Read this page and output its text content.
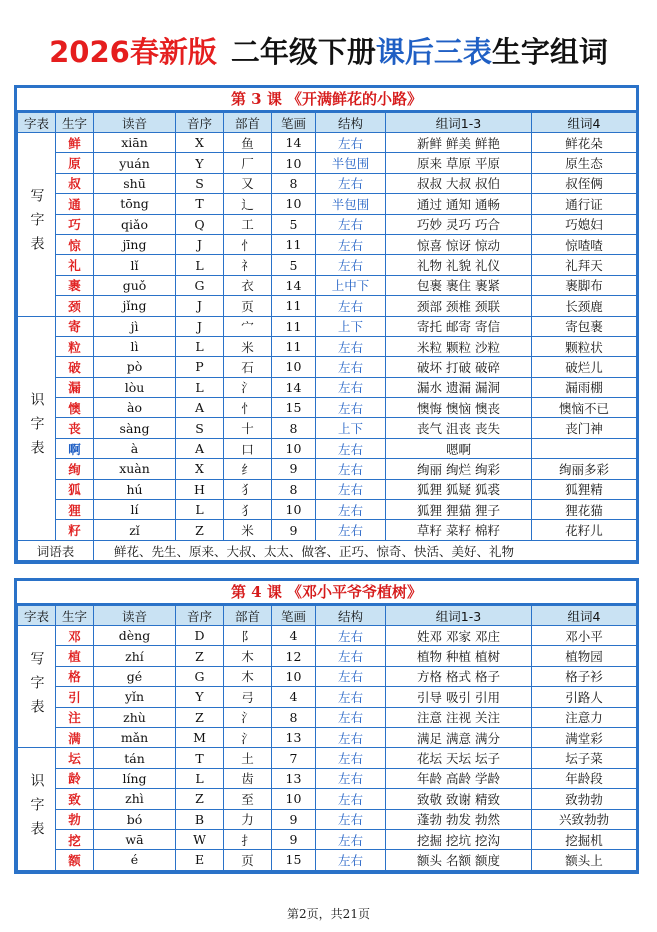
2026春新版 二年级下册课后三表生字组词
第 3 课 《开满鲜花的小路》
字表	生字	读音	音序	部首	笔画	结构	组词1-3	组词4
写字表	鲜	xiān	X	鱼	14	左右	新鲜 鲜美 鲜艳	鲜花朵
	原	yuán	Y	厂	10	半包围	原来 草原 平原	原生态
	叔	shū	S	又	8	左右	叔叔 大叔 叔伯	叔侄俩
	通	tōng	T	辶	10	半包围	通过 通知 通畅	通行证
	巧	qiǎo	Q	工	5	左右	巧妙 灵巧 巧合	巧媳妇
	惊	jīng	J	忄	11	左右	惊喜 惊讶 惊动	惊喳喳
	礼	lǐ	L	礻	5	左右	礼物 礼貌 礼仪	礼拜天
	裹	guǒ	G	衣	14	上中下	包裹 裹住 裹紧	裹脚布
	颈	jǐng	J	页	11	左右	颈部 颈椎 颈联	长颈鹿
识字表	寄	jì	J	宀	11	上下	寄托 邮寄 寄信	寄包裹
	粒	lì	L	米	11	左右	米粒 颗粒 沙粒	颗粒状
	破	pò	P	石	10	左右	破坏 打破 破碎	破烂儿
	漏	lòu	L	氵	14	左右	漏水 遗漏 漏洞	漏雨棚
	懊	ào	A	忄	15	左右	懊悔 懊恼 懊丧	懊恼不已
	丧	sàng	S	十	8	上下	丧气 沮丧 丧失	丧门神
	啊	à	A	口	10	左右	嗯啊	
	绚	xuàn	X	纟	9	左右	绚丽 绚烂 绚彩	绚丽多彩
	狐	hú	H	犭	8	左右	狐狸 狐疑 狐裘	狐狸精
	狸	lí	L	犭	10	左右	狐狸 狸猫 狸子	狸花猫
	籽	zǐ	Z	米	9	左右	草籽 菜籽 棉籽	花籽儿
词语表		鲜花、先生、原来、大叔、太太、做客、正巧、惊奇、快活、美好、礼物						
第 4 课 《邓小平爷爷植树》
字表	生字	读音	音序	部首	笔画	结构	组词1-3	组词4
写字表	邓	dèng	D	阝	4	左右	姓邓 邓家 邓庄	邓小平
	植	zhí	Z	木	12	左右	植物 种植 植树	植物园
	格	gé	G	木	10	左右	方格 格式 格子	格子衫
	引	yǐn	Y	弓	4	左右	引导 吸引 引用	引路人
	注	zhù	Z	氵	8	左右	注意 注视 关注	注意力
	满	mǎn	M	氵	13	左右	满足 满意 满分	满堂彩
识字表	坛	tán	T	土	7	左右	花坛 天坛 坛子	坛子菜
	龄	líng	L	齿	13	左右	年龄 高龄 学龄	年龄段
	致	zhì	Z	至	10	左右	致敬 致谢 精致	致勃勃
	勃	bó	B	力	9	左右	蓬勃 勃发 勃然	兴致勃勃
	挖	wā	W	扌	9	左右	挖掘 挖坑 挖沟	挖掘机
	额	é	E	页	15	左右	额头 名额 额度	额头上
第2页，共21页
